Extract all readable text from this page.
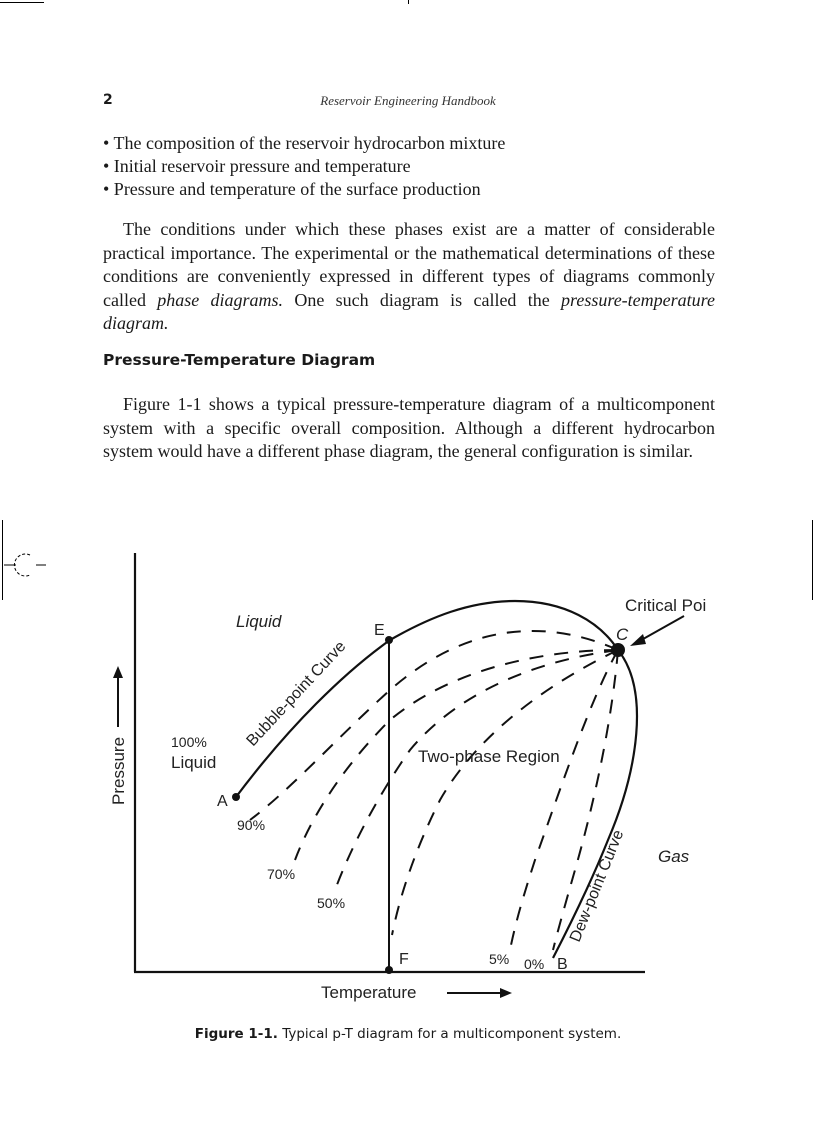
2	Reservoir Engineering Handbook
• The composition of the reservoir hydrocarbon mixture
• Initial reservoir pressure and temperature
• Pressure and temperature of the surface production

The conditions under which these phases exist are a matter of considerable practical importance. The experimental or the mathematical determinations of these conditions are conveniently expressed in different types of diagrams commonly called phase diagrams. One such diagram is called the pressure-temperature diagram.

Pressure-Temperature Diagram

Figure 1-1 shows a typical pressure-temperature diagram of a multicomponent system with a specific overall composition. Although a different hydrocarbon system would have a different phase diagram, the general configuration is similar.

Liquid
Critical Poi
C
E
Bubble-point Curve
100%
Liquid
A
90%
70%
50%
Two-phase Region
Dew-point Curve Gas
F	5% 0% B
Temperature
Pressure
Figure 1-1. Typical p-T diagram for a multicomponent system.
